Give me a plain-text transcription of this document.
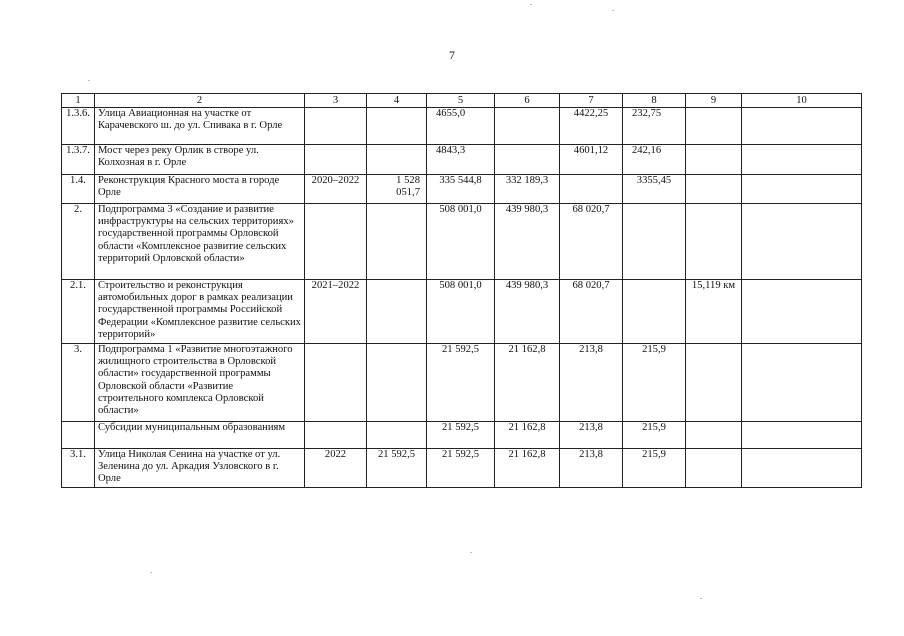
7
1	2	3	4	5	6	7	8	9	10
1.3.6.	Улица Авиационная на участке от Карачевского ш. до ул. Спивака в г. Орле			4655,0		4422,25	232,75		
1.3.7.	Мост через реку Орлик в створе ул. Колхозная в г. Орле			4843,3		4601,12	242,16		
1.4.	Реконструкция Красного моста в городе Орле	2020–2022	1 528 051,7	335 544,8	332 189,3		3355,45		
2.	Подпрограмма 3 «Создание и развитие инфраструктуры на сельских территориях» государственной программы Орловской области «Комплексное развитие сельских территорий Орловской области»			508 001,0	439 980,3	68 020,7			
2.1.	Строительство и реконструкция автомобильных дорог в рамках реализации государственной программы Российской Федерации «Комплексное развитие сельских территорий»	2021–2022		508 001,0	439 980,3	68 020,7		15,119 км	
3.	Подпрограмма 1 «Развитие многоэтажного жилищного строительства в Орловской области» государственной программы Орловской области «Развитие строительного комплекса Орловской области»			21 592,5	21 162,8	213,8	215,9		
	Субсидии муниципальным образованиям			21 592,5	21 162,8	213,8	215,9		
3.1.	Улица Николая Сенина на участке от ул. Зеленина до ул. Аркадия Узловского в г. Орле	2022	21 592,5	21 592,5	21 162,8	213,8	215,9		
